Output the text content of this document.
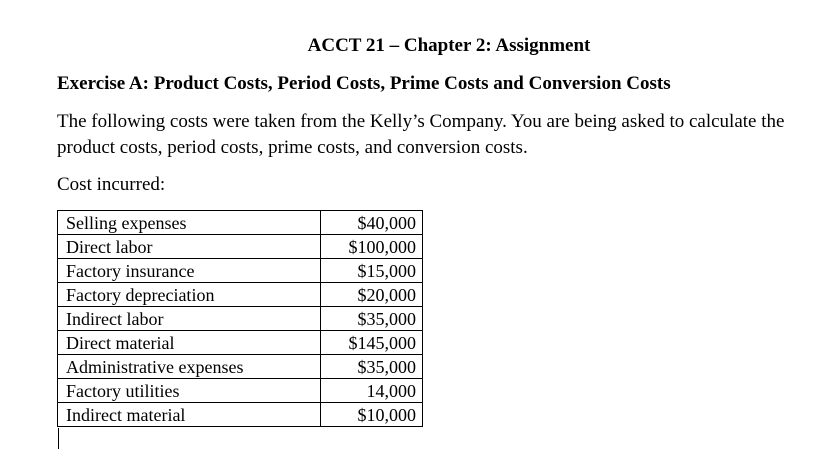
ACCT 21 – Chapter 2: Assignment
Exercise A: Product Costs, Period Costs, Prime Costs and Conversion Costs

The following costs were taken from the Kelly’s Company. You are being asked to calculate the

product costs, period costs, prime costs, and conversion costs.

Cost incurred:
Selling expenses	$40,000
Direct labor	$100,000
Factory insurance	$15,000
Factory depreciation	$20,000
Indirect labor	$35,000
Direct material	$145,000
Administrative expenses	$35,000
Factory utilities	14,000
Indirect material	$10,000
